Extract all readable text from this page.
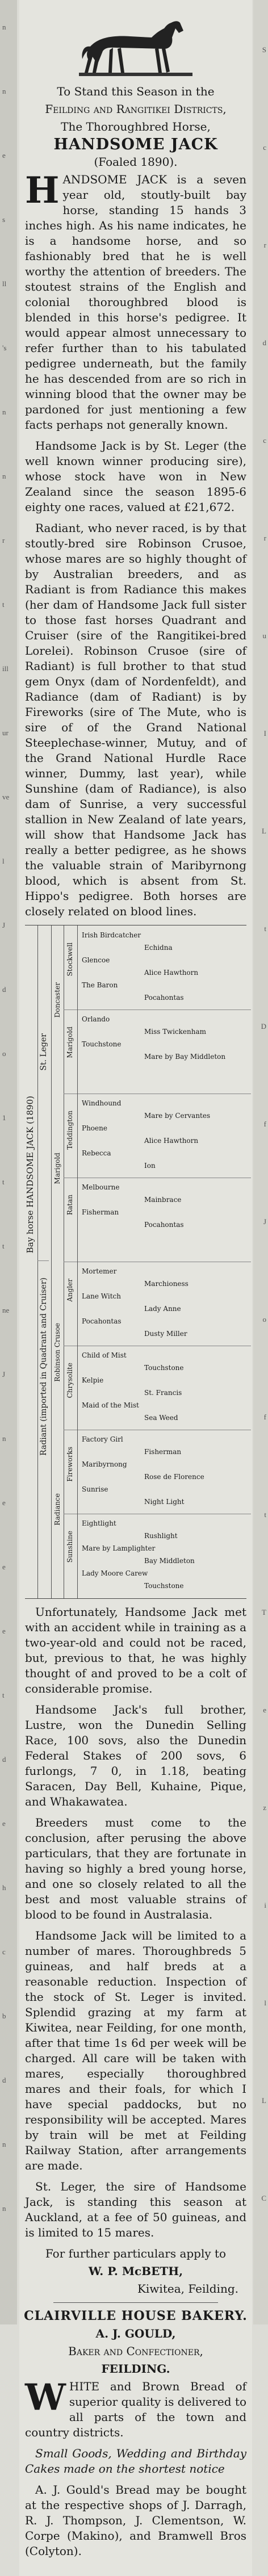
n
n
e
s
ll
's
n
n
r
t
ill
ur
ve
l
J
d
o
1
t
t
ne
J
n
e
e
e
t
d
e
h
c
b
d
n
n
S
c
r
d
c
r
u
I
L
t
D
f
J
o
f
t
T
e
z
i
l
L
C

To Stand this Season in the

Feilding and Rangitikei Districts,

The Thoroughbred Horse,

HANDSOME JACK

(Foaled 1890).

H ANDSOME JACK is a seven year old, stoutly-built bay horse, standing 15 hands 3 inches high. As his name indicates, he is a handsome horse, and so fashionably bred that he is well worthy the attention of breeders. The stoutest strains of the English and colonial thoroughbred blood is blended in this horse's pedigree. It would appear almost unnecessary to refer further than to his tabulated pedigree underneath, but the family he has descended from are so rich in winning blood that the owner may be pardoned for just mentioning a few facts perhaps not generally known.

Handsome Jack is by St. Leger (the well known winner producing sire), whose stock have won in New Zealand since the season 1895-6 eighty one races, valued at £21,672.

Radiant, who never raced, is by that stoutly-bred sire Robinson Crusoe, whose mares are so highly thought of by Australian breeders, and as Radiant is from Radiance this makes (her dam of Handsome Jack full sister to those fast horses Quadrant and Cruiser (sire of the Rangitikei-bred Lorelei). Robinson Crusoe (sire of Radiant) is full brother to that stud gem Onyx (dam of Nordenfeldt), and Radiance (dam of Radiant) is by Fireworks (sire of The Mute, who is sire of of the Grand National Steeplechase-winner, Mutuy, and of the Grand National Hurdle Race winner, Dummy, last year), while Sunshine (dam of Radiance), is also dam of Sunrise, a very successful stallion in New Zealand of late years, will show that Handsome Jack has really a better pedigree, as he shows the valuable strain of Maribyrnong blood, which is absent from St. Hippo's pedigree. Both horses are closely related on blood lines.

Bay horse HANDSOME JACK (1890)
St. Leger
Radiant (imported in Quadrant and Cruiser)
Doncaster
Marigold
Robinson Crusoe
Radiance
Stockwell
Marigold
Teddington
Ratan
Angler
Chrysolite
Fireworks
Sunshine
Irish Birdcatcher
Echidna
Glencoe
Alice Hawthorn
The Baron
Pocahontas
Orlando
Miss Twickenham
Touchstone
Mare by Bay Middleton
Windhound
Mare by Cervantes
Phoene
Alice Hawthorn
Rebecca
Ion
Melbourne
Mainbrace
Fisherman
Pocahontas
Mortemer
Marchioness
Lane Witch
Lady Anne
Pocahontas
Dusty Miller
Child of Mist
Touchstone
Kelpie
St. Francis
Maid of the Mist
Sea Weed
Factory Girl
Fisherman
Maribyrnong
Rose de Florence
Sunrise
Night Light
Eightlight
Rushlight
Mare by Lamplighter
Bay Middleton
Lady Moore Carew
Touchstone

Unfortunately, Handsome Jack met with an accident while in training as a two-year-old and could not be raced, but, previous to that, he was highly thought of and proved to be a colt of considerable promise.

Handsome Jack's full brother, Lustre, won the Dunedin Selling Race, 100 sovs, also the Dunedin Federal Stakes of 200 sovs, 6 furlongs, 7 0, in 1.18, beating Saracen, Day Bell, Kuhaine, Pique, and Whakawatea.

Breeders must come to the conclusion, after perusing the above particulars, that they are fortunate in having so highly a bred young horse, and one so closely related to all the best and most valuable strains of blood to be found in Australasia.

Handsome Jack will be limited to a number of mares. Thoroughbreds 5 guineas, and half breds at a reasonable reduction. Inspection of the stock of St. Leger is invited. Splendid grazing at my farm at Kiwitea, near Feilding, for one month, after that time 1s 6d per week will be charged. All care will be taken with mares, especially thoroughbred mares and their foals, for which I have special paddocks, but no responsibility will be accepted. Mares by train will be met at Feilding Railway Station, after arrangements are made.

St. Leger, the sire of Handsome Jack, is standing this season at Auckland, at a fee of 50 guineas, and is limited to 15 mares.

For further particulars apply to

W. P. McBETH,

Kiwitea, Feilding.

CLAIRVILLE HOUSE BAKERY.

A. J. GOULD,

Baker and Confectioner,

FEILDING.

W HITE and Brown Bread of superior quality is delivered to all parts of the town and country districts.

Small Goods, Wedding and Birthday Cakes made on the shortest notice

A. J. Gould's Bread may be bought at the respective shops of J. Darragh, R. J. Thompson, J. Clementson, W. Corpe (Makino), and Bramwell Bros (Colyton).
